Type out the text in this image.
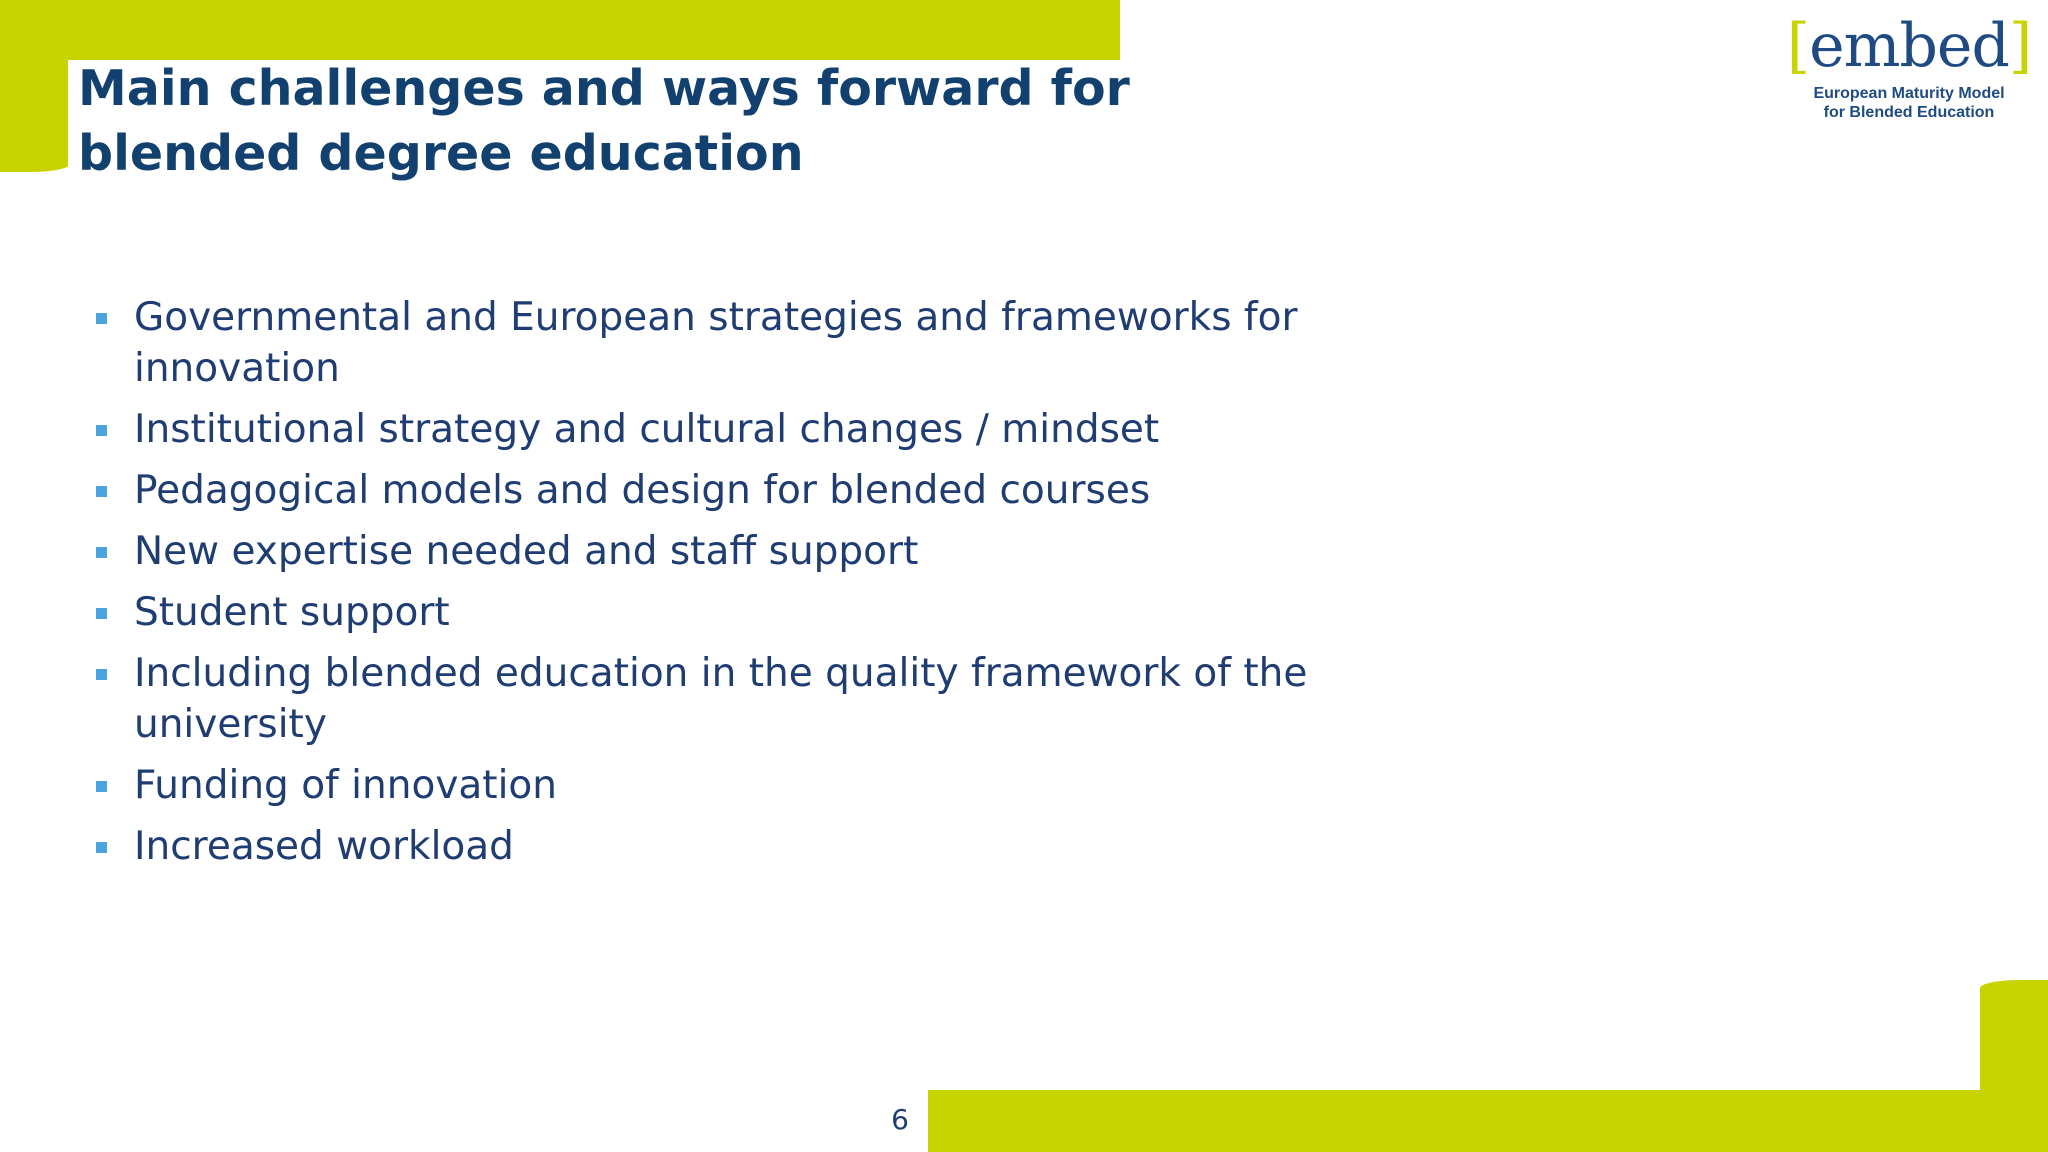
Main challenges and ways forward for blended degree education
[embed]
European Maturity Model
for Blended Education
Governmental and European strategies and frameworks for innovation
Institutional strategy and cultural changes / mindset
Pedagogical models and design for blended courses
New expertise needed and staff support
Student support
Including blended education in the quality framework of the university
Funding of innovation
Increased workload
6
